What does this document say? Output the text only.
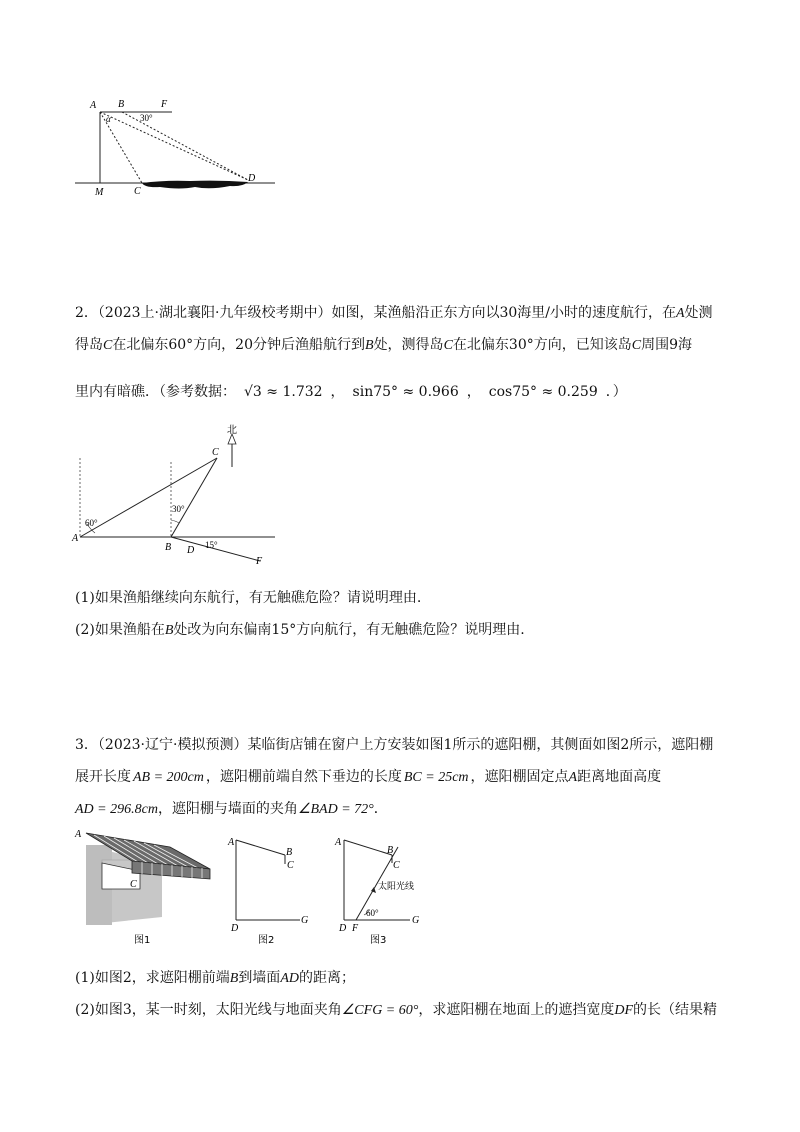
A B	F
α	30°
M	C
D
2．（2023上·湖北襄阳·九年级校考期中）如图，某渔船沿正东方向以30海里/小时的速度航行，在A处测
得岛C在北偏东60°方向，20分钟后渔船航行到B处，测得岛C在北偏东30°方向，已知该岛C周围9海
里内有暗礁．（参考数据： √3 ≈ 1.732 ， sin75° ≈ 0.966 ， cos75° ≈ 0.259 ．）
北
C
A
B D
F
60°
30°
15°
(1)如果渔船继续向东航行，有无触礁危险？请说明理由.
(2)如果渔船在B处改为向东偏南15°方向航行，有无触礁危险？说明理由.
3．（2023·辽宁·模拟预测）某临街店铺在窗户上方安装如图1所示的遮阳棚，其侧面如图2所示，遮阳棚
展开长度 AB = 200cm ，遮阳棚前端自然下垂边的长度 BC = 25cm ，遮阳棚固定点A距离地面高度
AD = 296.8cm，遮阳棚与墙面的夹角∠BAD = 72°．
A
C
图1
A
B
C
D
G
图2
A
B
C
太阳光线
60°
D F
G
图3
(1)如图2，求遮阳棚前端B到墙面AD的距离；
(2)如图3，某一时刻，太阳光线与地面夹角∠CFG = 60°，求遮阳棚在地面上的遮挡宽度DF的长（结果精
